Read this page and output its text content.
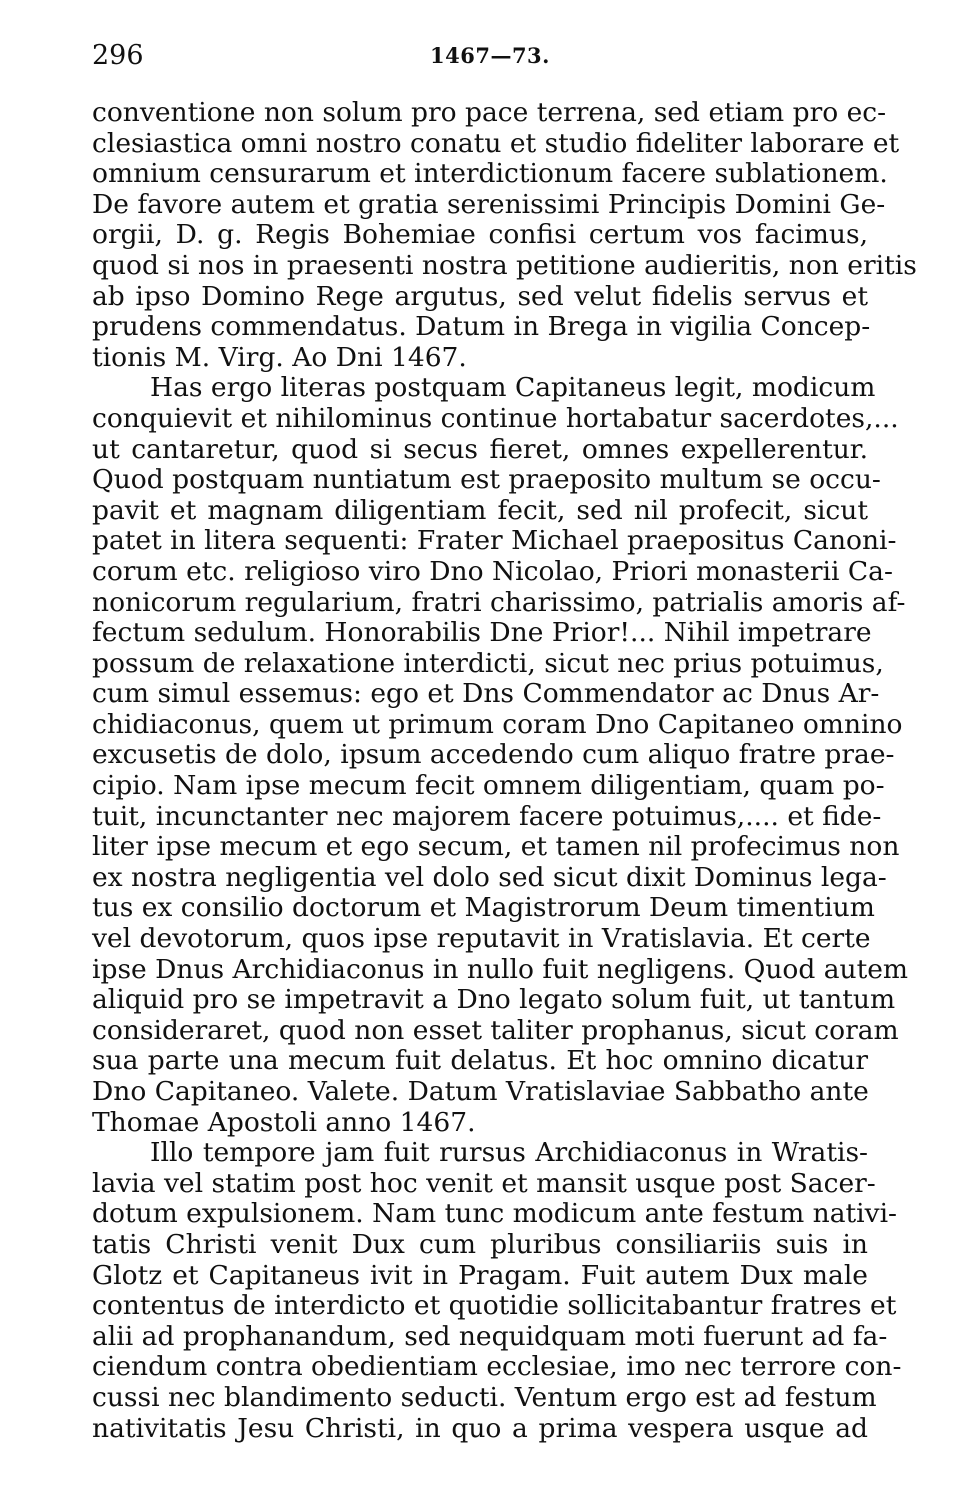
296	1467—73.
conventione non solum pro pace terrena, sed etiam pro ec-
clesiastica omni nostro conatu et studio fideliter laborare et
omnium censurarum et interdictionum facere sublationem.
De favore autem et gratia serenissimi Principis Domini Ge-
orgii, D. g. Regis Bohemiae confisi certum vos facimus,
quod si nos in praesenti nostra petitione audieritis, non eritis
ab ipso Domino Rege argutus, sed velut fidelis servus et
prudens commendatus. Datum in Brega in vigilia Concep-
tionis M. Virg. Ao Dni 1467.
Has ergo literas postquam Capitaneus legit, modicum
conquievit et nihilominus continue hortabatur sacerdotes,...
ut cantaretur, quod si secus fieret, omnes expellerentur.
Quod postquam nuntiatum est praeposito multum se occu-
pavit et magnam diligentiam fecit, sed nil profecit, sicut
patet in litera sequenti: Frater Michael praepositus Canoni-
corum etc. religioso viro Dno Nicolao, Priori monasterii Ca-
nonicorum regularium, fratri charissimo, patrialis amoris af-
fectum sedulum. Honorabilis Dne Prior!... Nihil impetrare
possum de relaxatione interdicti, sicut nec prius potuimus,
cum simul essemus: ego et Dns Commendator ac Dnus Ar-
chidiaconus, quem ut primum coram Dno Capitaneo omnino
excusetis de dolo, ipsum accedendo cum aliquo fratre prae-
cipio. Nam ipse mecum fecit omnem diligentiam, quam po-
tuit, incunctanter nec majorem facere potuimus,.... et fide-
liter ipse mecum et ego secum, et tamen nil profecimus non
ex nostra negligentia vel dolo sed sicut dixit Dominus lega-
tus ex consilio doctorum et Magistrorum Deum timentium
vel devotorum, quos ipse reputavit in Vratislavia. Et certe
ipse Dnus Archidiaconus in nullo fuit negligens. Quod autem
aliquid pro se impetravit a Dno legato solum fuit, ut tantum
consideraret, quod non esset taliter prophanus, sicut coram
sua parte una mecum fuit delatus. Et hoc omnino dicatur
Dno Capitaneo. Valete. Datum Vratislaviae Sabbatho ante
Thomae Apostoli anno 1467.
Illo tempore jam fuit rursus Archidiaconus in Wratis-
lavia vel statim post hoc venit et mansit usque post Sacer-
dotum expulsionem. Nam tunc modicum ante festum nativi-
tatis Christi venit Dux cum pluribus consiliariis suis in
Glotz et Capitaneus ivit in Pragam. Fuit autem Dux male
contentus de interdicto et quotidie sollicitabantur fratres et
alii ad prophanandum, sed nequidquam moti fuerunt ad fa-
ciendum contra obedientiam ecclesiae, imo nec terrore con-
cussi nec blandimento seducti. Ventum ergo est ad festum
nativitatis Jesu Christi, in quo a prima vespera usque ad
